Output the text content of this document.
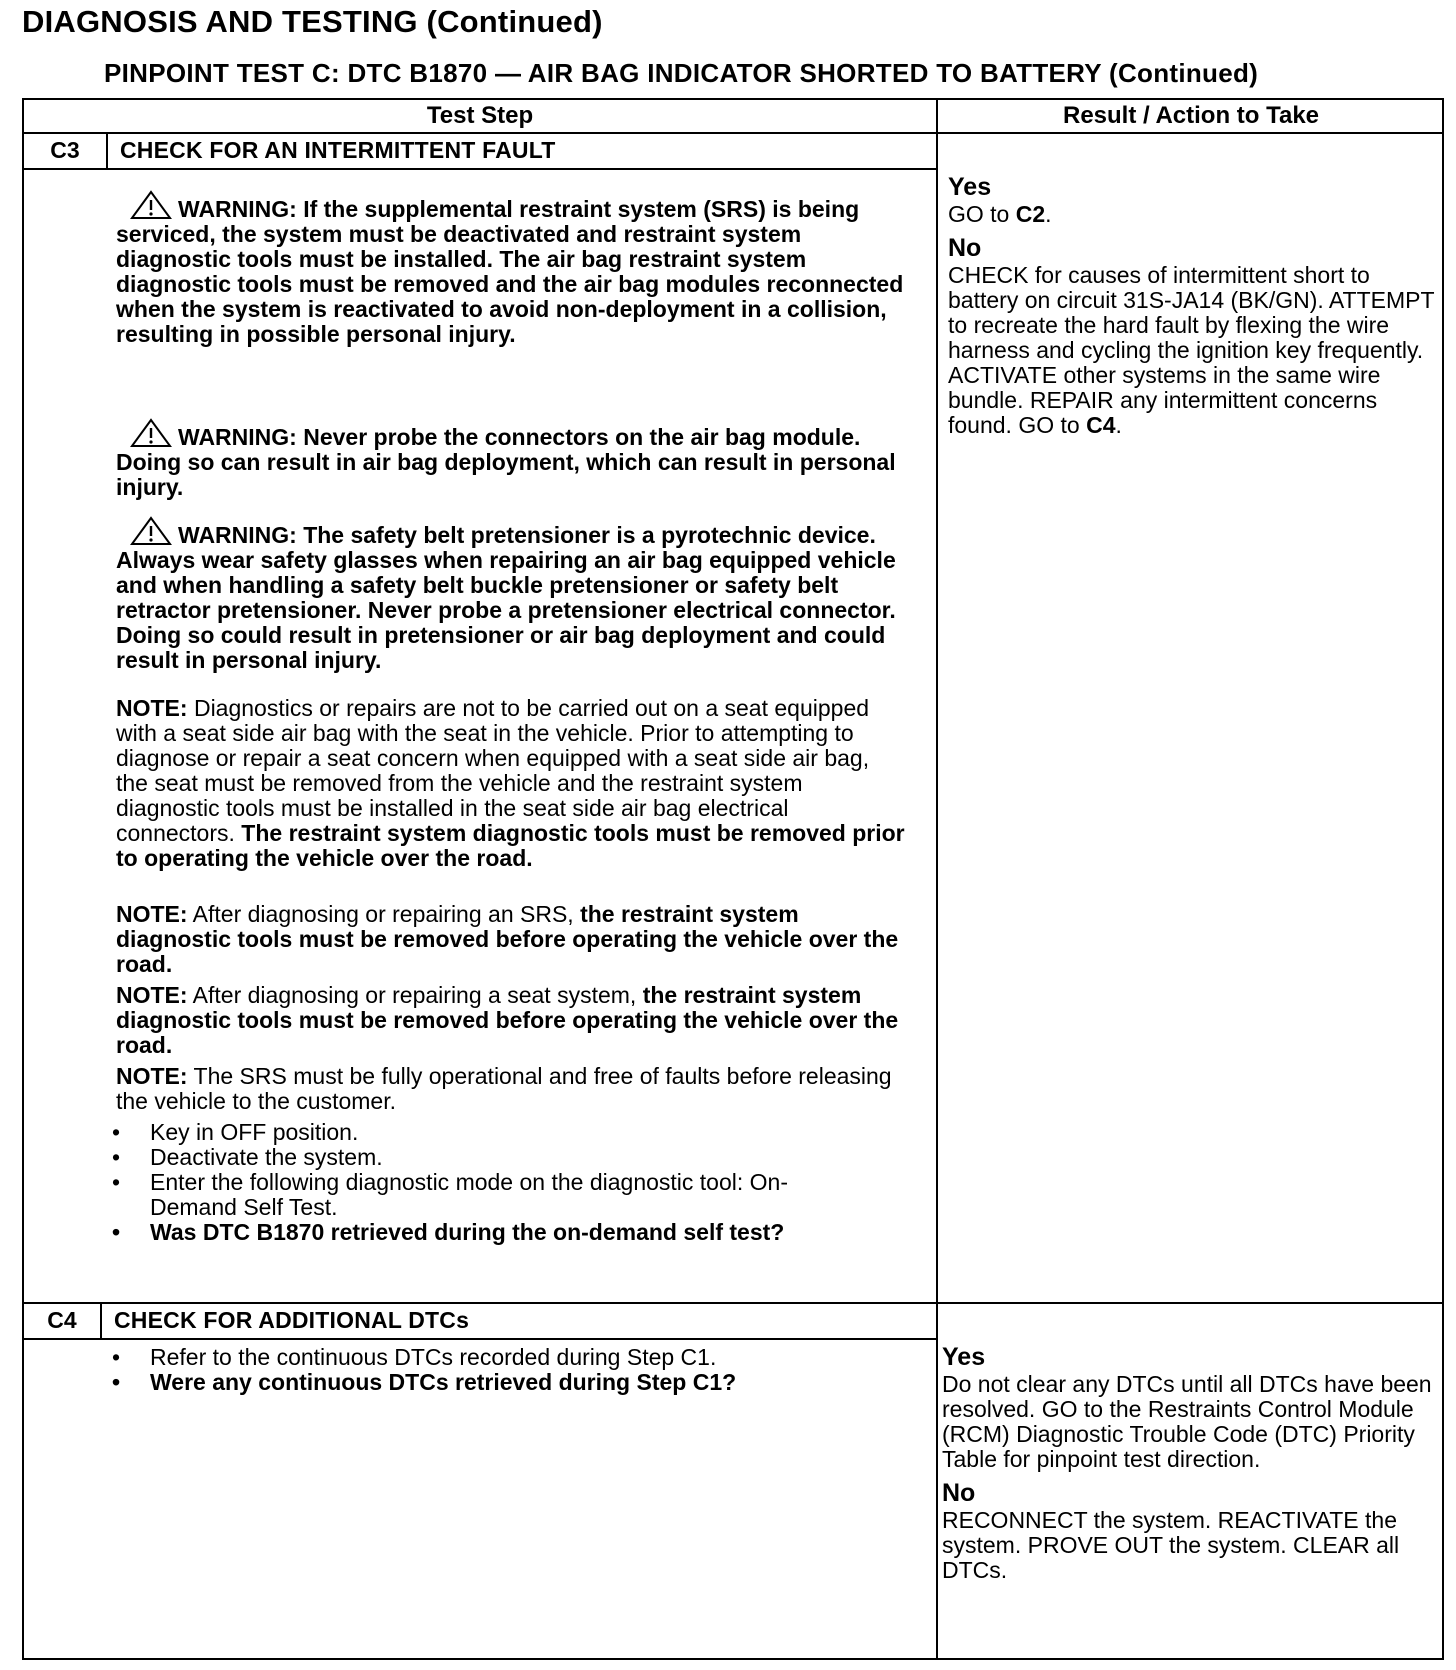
DIAGNOSIS AND TESTING (Continued)
PINPOINT TEST C: DTC B1870 — AIR BAG INDICATOR SHORTED TO BATTERY (Continued)
Test Step	Result / Action to Take
C3	CHECK FOR AN INTERMITTENT FAULT
WARNING: If the supplemental restraint system (SRS) is being serviced, the system must be deactivated and restraint system diagnostic tools must be installed. The air bag restraint system diagnostic tools must be removed and the air bag modules reconnected when the system is reactivated to avoid non-deployment in a collision, resulting in possible personal injury.
WARNING: Never probe the connectors on the air bag module. Doing so can result in air bag deployment, which can result in personal injury.
WARNING: The safety belt pretensioner is a pyrotechnic device. Always wear safety glasses when repairing an air bag equipped vehicle and when handling a safety belt buckle pretensioner or safety belt retractor pretensioner. Never probe a pretensioner electrical connector. Doing so could result in pretensioner or air bag deployment and could result in personal injury.
NOTE: Diagnostics or repairs are not to be carried out on a seat equipped with a seat side air bag with the seat in the vehicle. Prior to attempting to diagnose or repair a seat concern when equipped with a seat side air bag, the seat must be removed from the vehicle and the restraint system diagnostic tools must be installed in the seat side air bag electrical connectors. The restraint system diagnostic tools must be removed prior to operating the vehicle over the road.
NOTE: After diagnosing or repairing an SRS, the restraint system diagnostic tools must be removed before operating the vehicle over the road.
NOTE: After diagnosing or repairing a seat system, the restraint system diagnostic tools must be removed before operating the vehicle over the road.
NOTE: The SRS must be fully operational and free of faults before releasing the vehicle to the customer.
• Key in OFF position.
• Deactivate the system.
• Enter the following diagnostic mode on the diagnostic tool: On-Demand Self Test.
• Was DTC B1870 retrieved during the on-demand self test?
Yes
GO to C2.
No
CHECK for causes of intermittent short to battery on circuit 31S-JA14 (BK/GN). ATTEMPT to recreate the hard fault by flexing the wire harness and cycling the ignition key frequently. ACTIVATE other systems in the same wire bundle. REPAIR any intermittent concerns found. GO to C4.
C4	CHECK FOR ADDITIONAL DTCs
• Refer to the continuous DTCs recorded during Step C1.
• Were any continuous DTCs retrieved during Step C1?
Yes
Do not clear any DTCs until all DTCs have been resolved. GO to the Restraints Control Module (RCM) Diagnostic Trouble Code (DTC) Priority Table for pinpoint test direction.
No
RECONNECT the system. REACTIVATE the system. PROVE OUT the system. CLEAR all DTCs.
